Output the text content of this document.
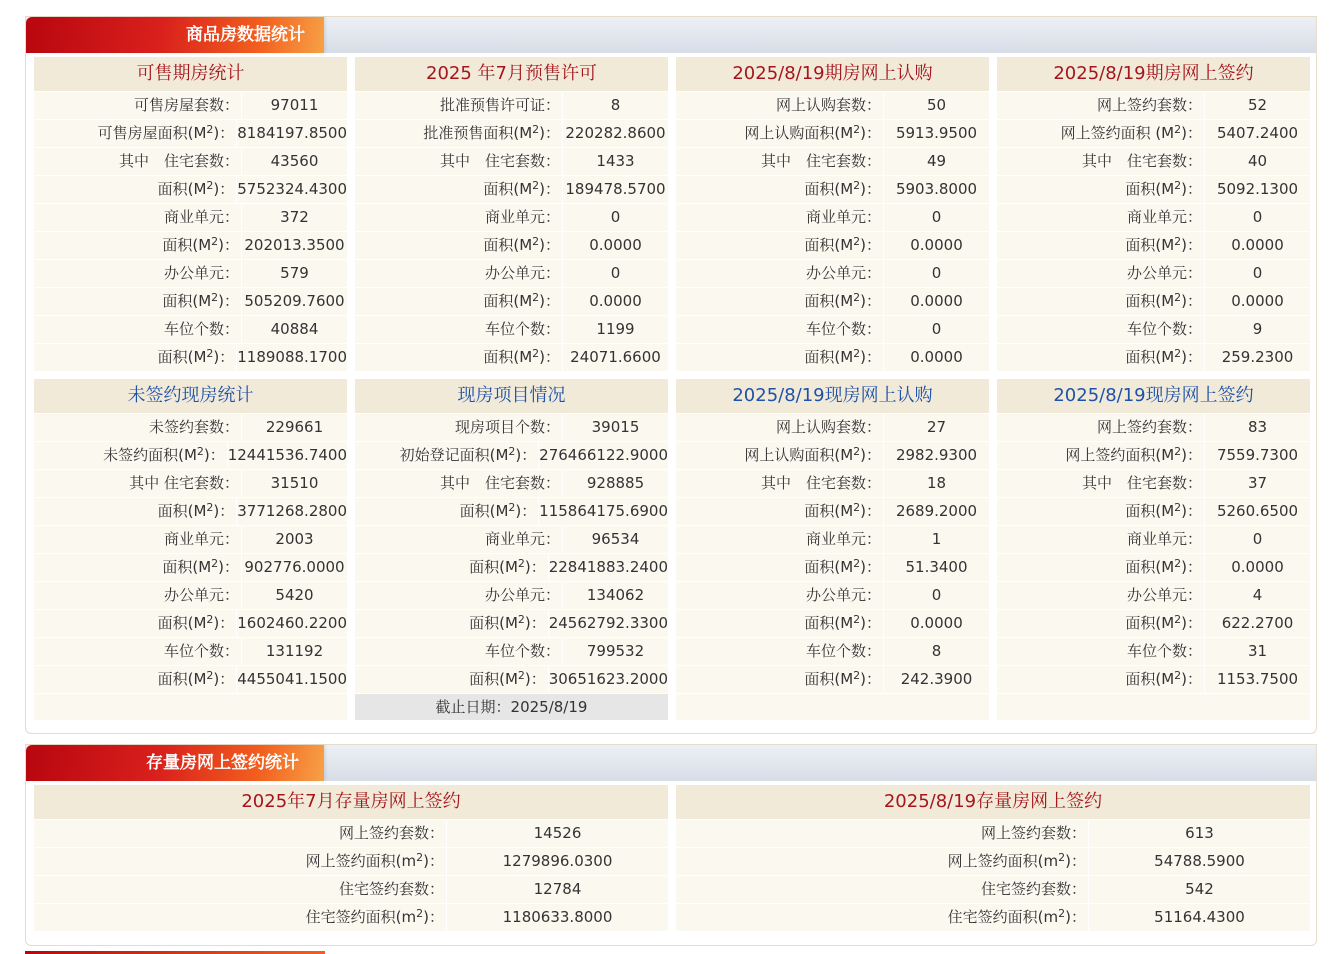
商品房数据统计
可售期房统计
可售房屋套数：	97011
可售房屋面积$(M^2)$： 8184197.8500
其中　住宅套数：	43560
面积$(M^2)$： 5752324.4300
商业单元：	372
面积$(M^2)$： 202013.3500
办公单元：	579
面积$(M^2)$： 505209.7600
车位个数：	40884
面积$(M^2)$： 1189088.1700
2025 年7月预售许可
批准预售许可证：	8
批准预售面积$(M^2)$： 220282.8600
其中　住宅套数：	1433
面积$(M^2)$： 189478.5700
商业单元：	0
面积$(M^2)$：	0.0000
办公单元：	0
面积$(M^2)$：	0.0000
车位个数：	1199
面积$(M^2)$： 24071.6600
2025/8/19期房网上认购
网上认购套数：	50
网上认购面积$(M^2)$： 5913.9500
其中　住宅套数：	49
面积$(M^2)$： 5903.8000
商业单元：	0
面积$(M^2)$：	0.0000
办公单元：	0
面积$(M^2)$：	0.0000
车位个数：	0
面积$(M^2)$：	0.0000
2025/8/19期房网上签约
网上签约套数：	52
网上签约面积 $(M^2)$： 5407.2400
其中　住宅套数：	40
面积$(M^2)$： 5092.1300
商业单元：	0
面积$(M^2)$：	0.0000
办公单元：	0
面积$(M^2)$：	0.0000
车位个数：	9
面积$(M^2)$：	259.2300
未签约现房统计
未签约套数：	229661
未签约面积$(M^2)$： 12441536.7400
其中 住宅套数：	31510
面积$(M^2)$： 3771268.2800
商业单元：	2003
面积$(M^2)$： 902776.0000
办公单元：	5420
面积$(M^2)$： 1602460.2200
车位个数：	131192
面积$(M^2)$： 4455041.1500
现房项目情况
现房项目个数：	39015
初始登记面积$(M^2)$： 276466122.9000
其中　住宅套数：	928885
面积$(M^2)$： 115864175.6900
商业单元：	96534
面积$(M^2)$： 22841883.2400
办公单元：	134062
面积$(M^2)$： 24562792.3300
车位个数：	799532
面积$(M^2)$： 30651623.2000
截止日期：2025/8/19
2025/8/19现房网上认购
网上认购套数：	27
网上认购面积$(M^2)$： 2982.9300
其中　住宅套数：	18
面积$(M^2)$： 2689.2000
商业单元：	1
面积$(M^2)$：	51.3400
办公单元：	0
面积$(M^2)$：	0.0000
车位个数：	8
面积$(M^2)$：	242.3900
2025/8/19现房网上签约
网上签约套数：	83
网上签约面积$(M^2)$： 7559.7300
其中　住宅套数：	37
面积$(M^2)$： 5260.6500
商业单元：	0
面积$(M^2)$：	0.0000
办公单元：	4
面积$(M^2)$：	622.2700
车位个数：	31
面积$(M^2)$： 1153.7500
存量房网上签约统计
2025年7月存量房网上签约
网上签约套数：	14526
网上签约面积$(m^2)$：	1279896.0300
住宅签约套数：	12784
住宅签约面积$(m^2)$：	1180633.8000
2025/8/19存量房网上签约
网上签约套数：	613
网上签约面积$(m^2)$：	54788.5900
住宅签约套数：	542
住宅签约面积$(m^2)$：	51164.4300
